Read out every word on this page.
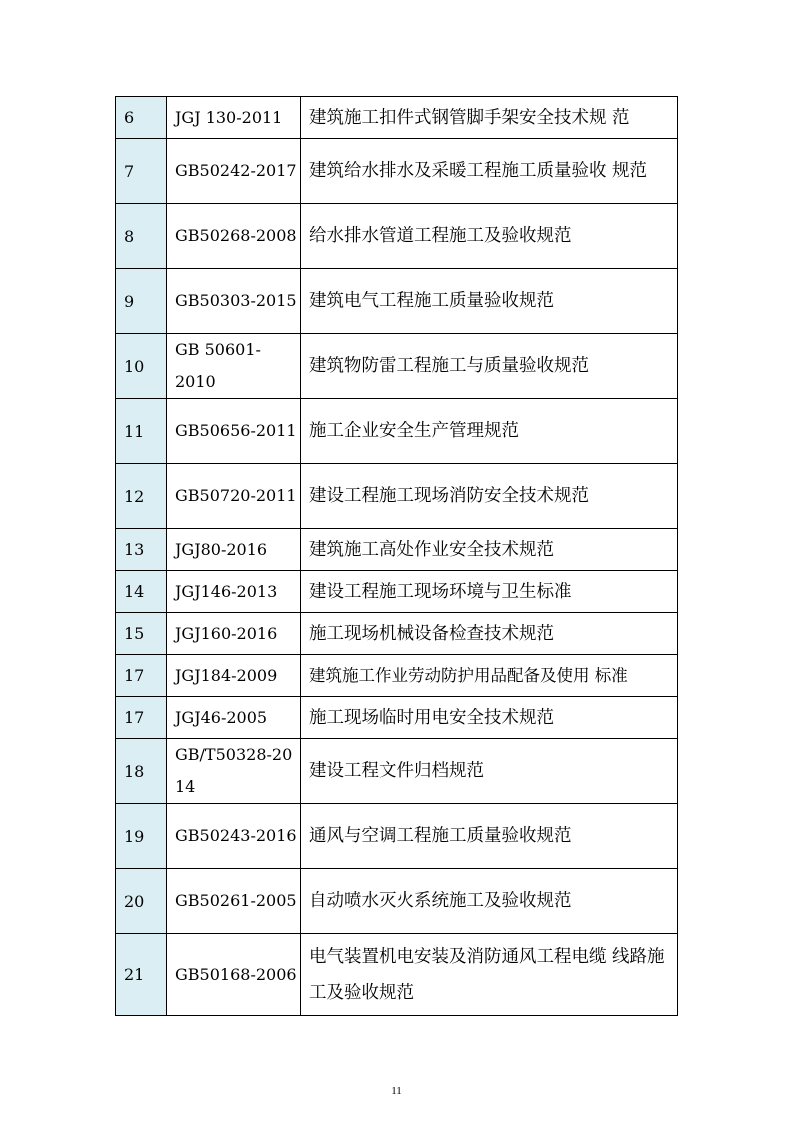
6	JGJ 130-2011	建筑施工扣件式钢管脚手架安全技术规 范
7	GB50242-2017	建筑给水排水及采暖工程施工质量验收 规范
8	GB50268-2008	给水排水管道工程施工及验收规范
9	GB50303-2015	建筑电气工程施工质量验收规范
10	GB 50601-2010	建筑物防雷工程施工与质量验收规范
11	GB50656-2011	施工企业安全生产管理规范
12	GB50720-2011	建设工程施工现场消防安全技术规范
13	JGJ80-2016	建筑施工高处作业安全技术规范
14	JGJ146-2013	建设工程施工现场环境与卫生标准
15	JGJ160-2016	施工现场机械设备检查技术规范
17	JGJ184-2009	建筑施工作业劳动防护用品配备及使用 标准
17	JGJ46-2005	施工现场临时用电安全技术规范
18	GB/T50328-2014	建设工程文件归档规范
19	GB50243-2016	通风与空调工程施工质量验收规范
20	GB50261-2005	自动喷水灭火系统施工及验收规范
21	GB50168-2006	电气装置机电安装及消防通风工程电缆 线路施工及验收规范
11
